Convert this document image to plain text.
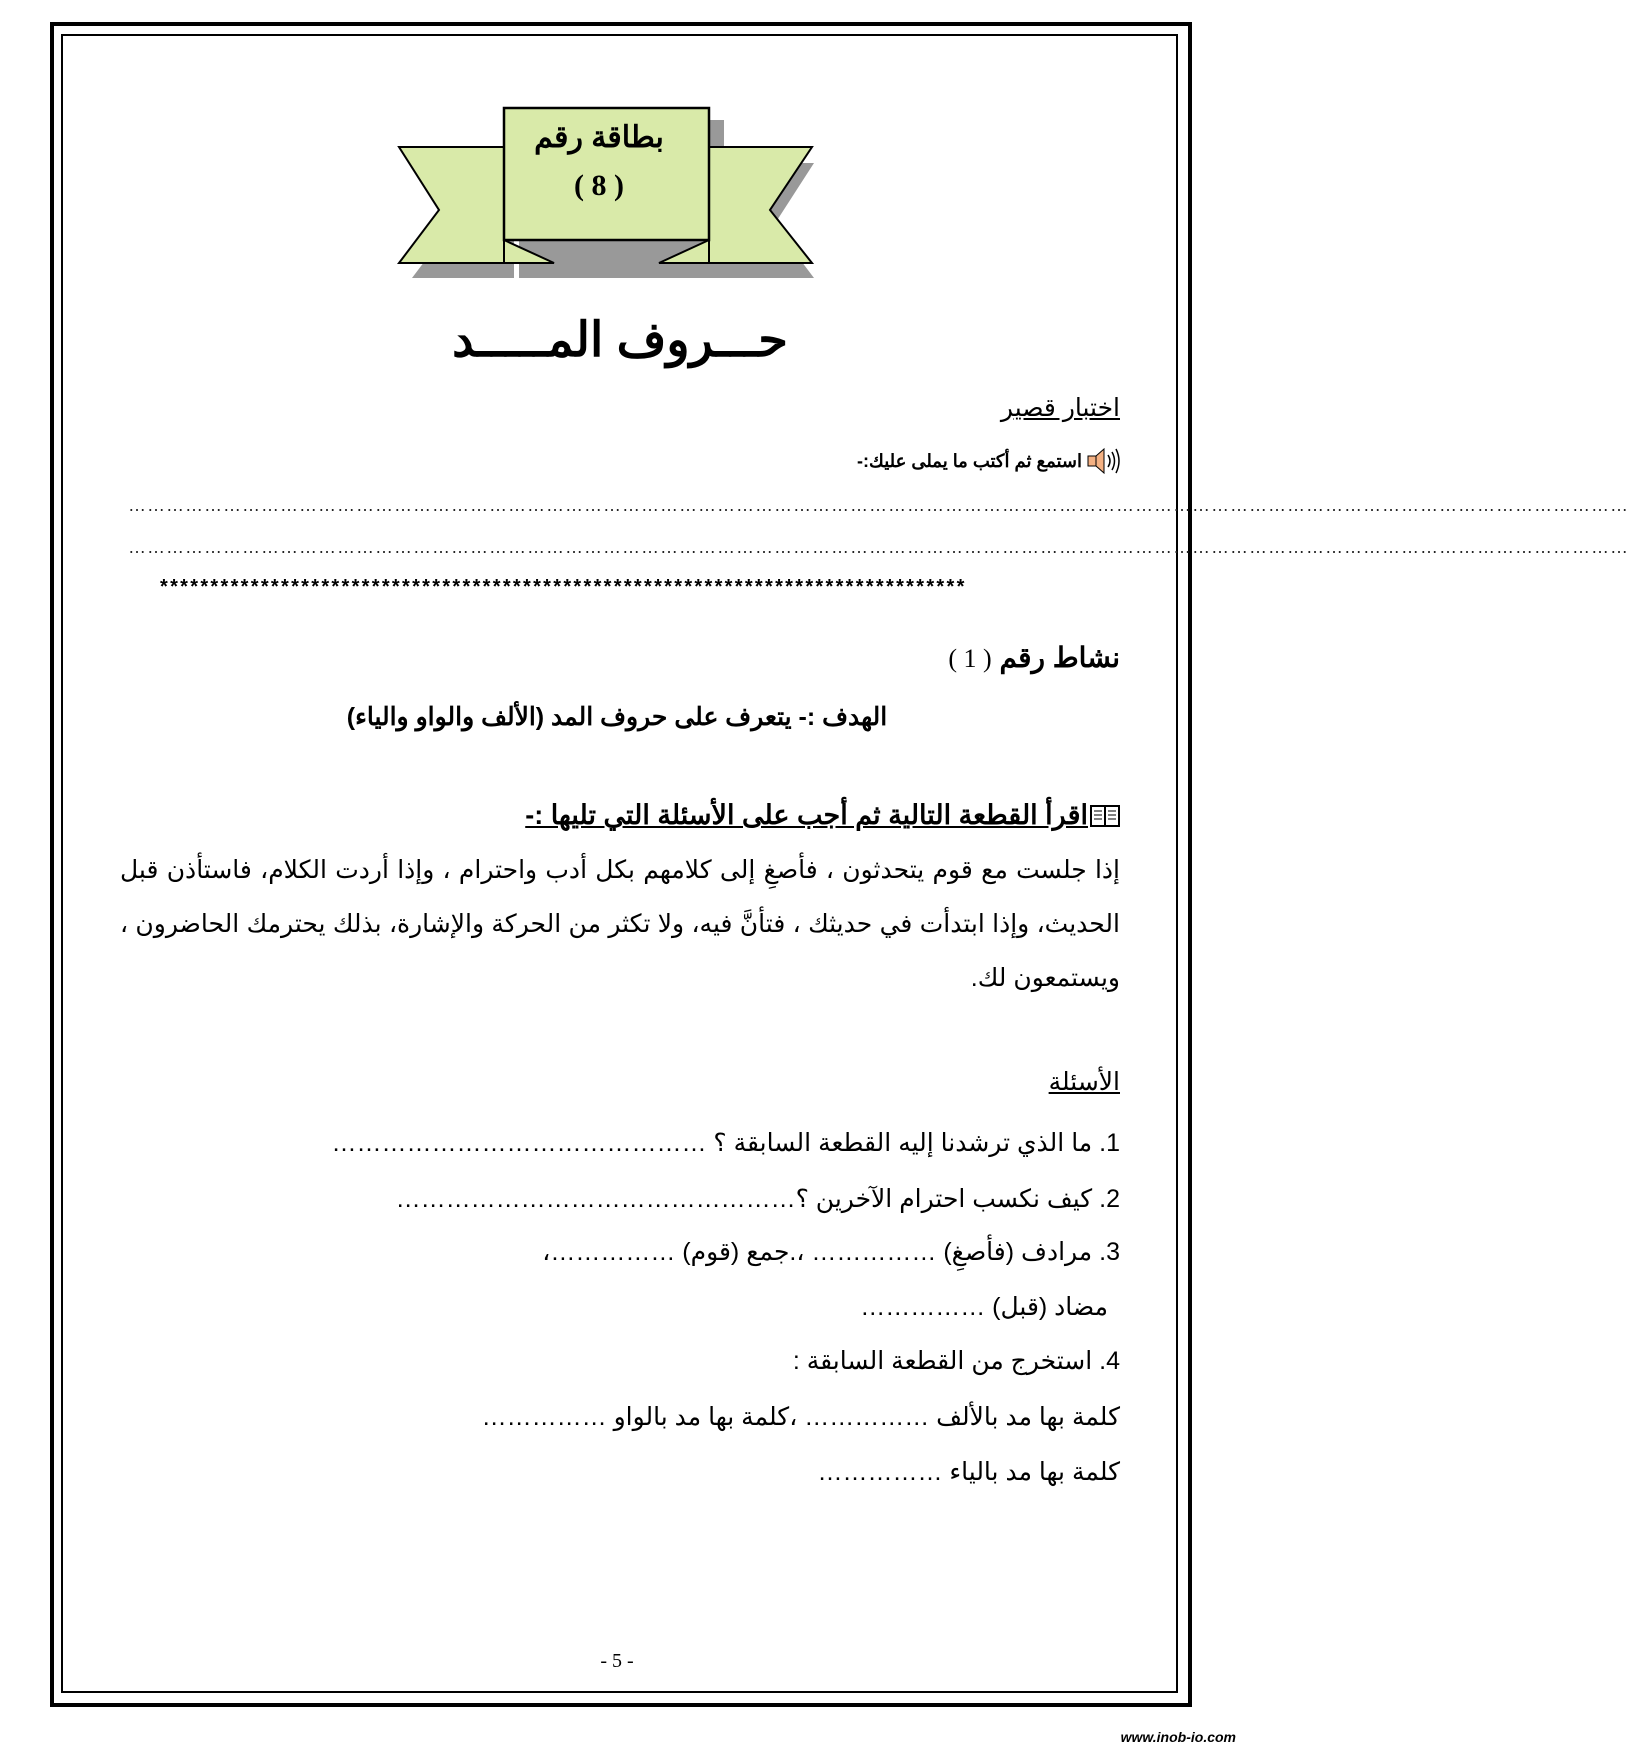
بطاقة رقم
( 8 )
حـــروف المـــــد
اختبار قصير
استمع ثم أكتب ما يملى عليك:-
…………………………………………………………………………………………………………………………………………………………………………………………………………………
…………………………………………………………………………………………………………………………………………………………………………………………………………………
********************************************************************************
نشاط رقم ( 1 )
الهدف :- يتعرف على حروف المد (الألف والواو والياء)
اقرأ القطعة التالية ثم أجب على الأسئلة التي تليها :-
إذا جلست مع قوم يتحدثون ، فأصغِ إلى كلامهم بكل أدب واحترام ، وإذا أردت الكلام، فاستأذن قبل الحديث، وإذا ابتدأت في حديثك ، فتأنَّ فيه، ولا تكثر من الحركة والإشارة، بذلك يحترمك الحاضرون ، ويستمعون لك.
الأسئلة
1. ما الذي ترشدنا إليه القطعة السابقة ؟ ………………………………………
2. كيف نكسب احترام الآخرين ؟…………………………………………
3. مرادف (فأصغِ) …………… ،.جمع (قوم) ……………،
مضاد (قبل) ……………
4. استخرج من القطعة السابقة :
كلمة بها مد بالألف …………… ،كلمة بها مد بالواو ……………
كلمة بها مد بالياء ……………
- 5 -
www.inob-io.com
